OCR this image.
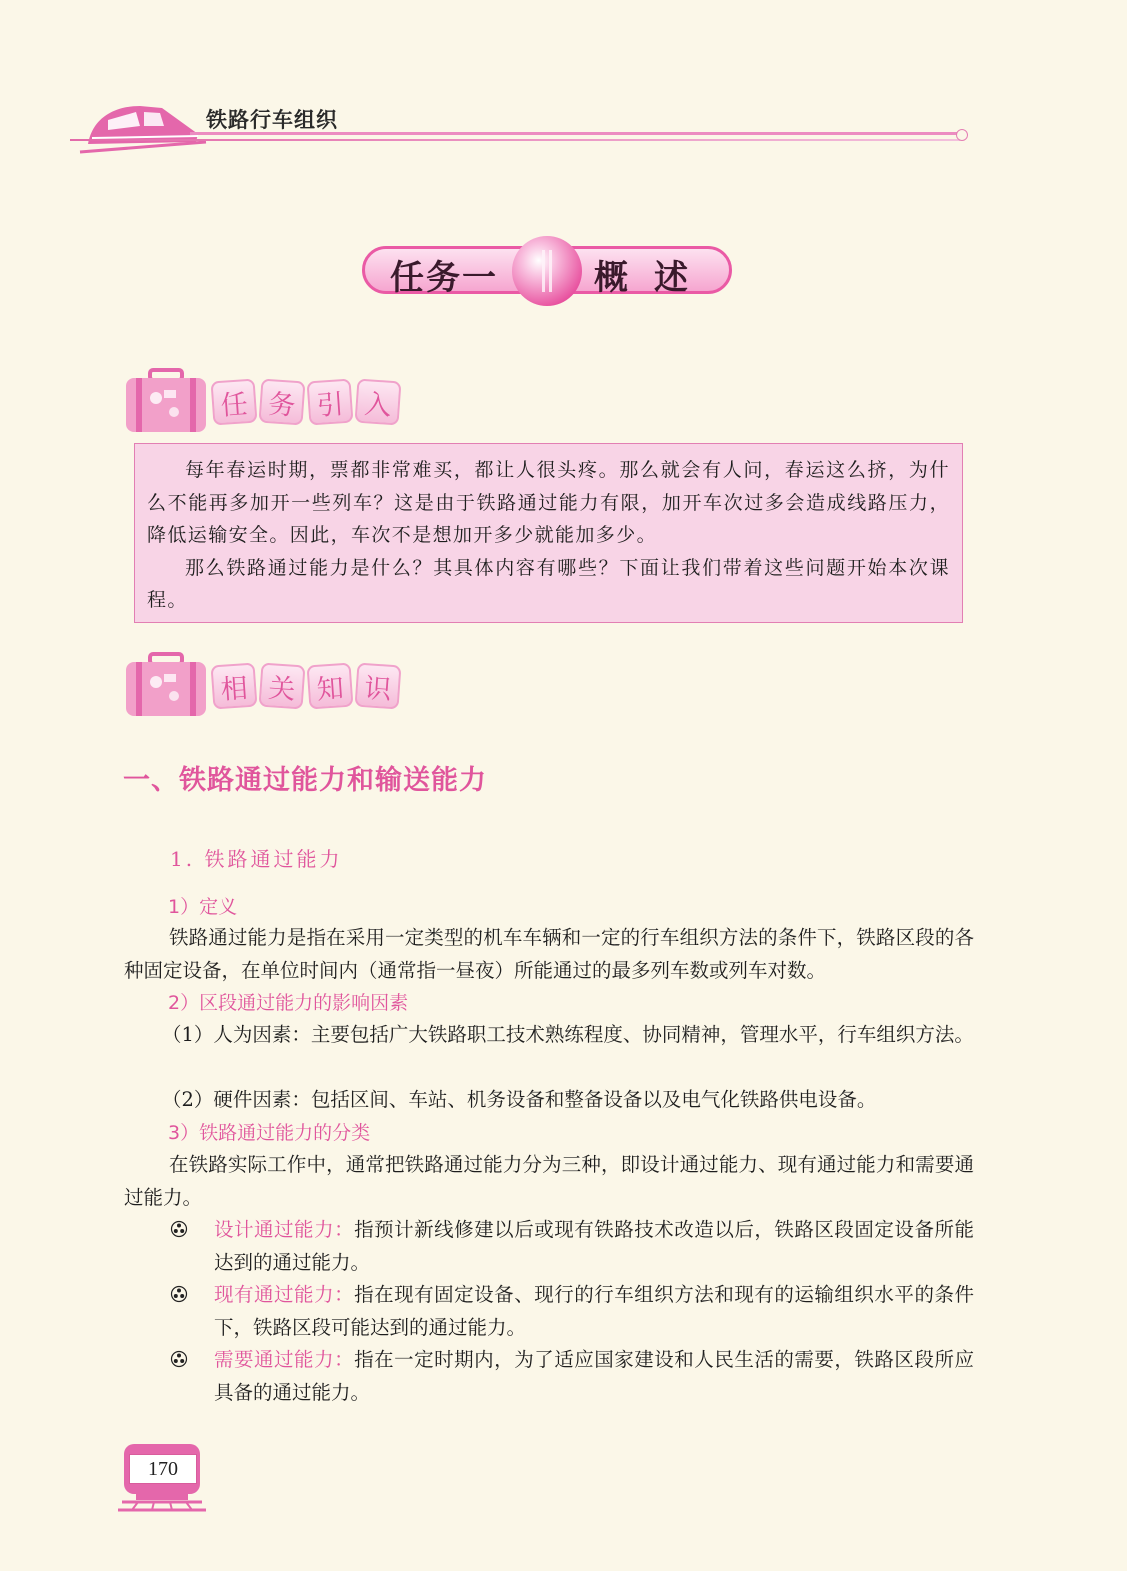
铁路行车组织
任务一	概述
任 务 引 入

每年春运时期，票都非常难买，都让人很头疼。那么就会有人问，春运这么挤，为什么不能再多加开一些列车？这是由于铁路通过能力有限，加开车次过多会造成线路压力，降低运输安全。因此，车次不是想加开多少就能加多少。

那么铁路通过能力是什么？其具体内容有哪些？下面让我们带着这些问题开始本次课程。

相 关 知 识
一、铁路通过能力和输送能力
1. 铁路通过能力
1）定义
铁路通过能力是指在采用一定类型的机车车辆和一定的行车组织方法的条件下，铁路区段的各种固定设备，在单位时间内（通常指一昼夜）所能通过的最多列车数或列车对数。
2）区段通过能力的影响因素
（1）人为因素：主要包括广大铁路职工技术熟练程度、协同精神，管理水平，行车组织方法。
（2）硬件因素：包括区间、车站、机务设备和整备设备以及电气化铁路供电设备。
3）铁路通过能力的分类
在铁路实际工作中，通常把铁路通过能力分为三种，即设计通过能力、现有通过能力和需要通过能力。
设计通过能力：指预计新线修建以后或现有铁路技术改造以后，铁路区段固定设备所能达到的通过能力。
现有通过能力：指在现有固定设备、现行的行车组织方法和现有的运输组织水平的条件下，铁路区段可能达到的通过能力。
需要通过能力：指在一定时期内，为了适应国家建设和人民生活的需要，铁路区段所应具备的通过能力。
170
